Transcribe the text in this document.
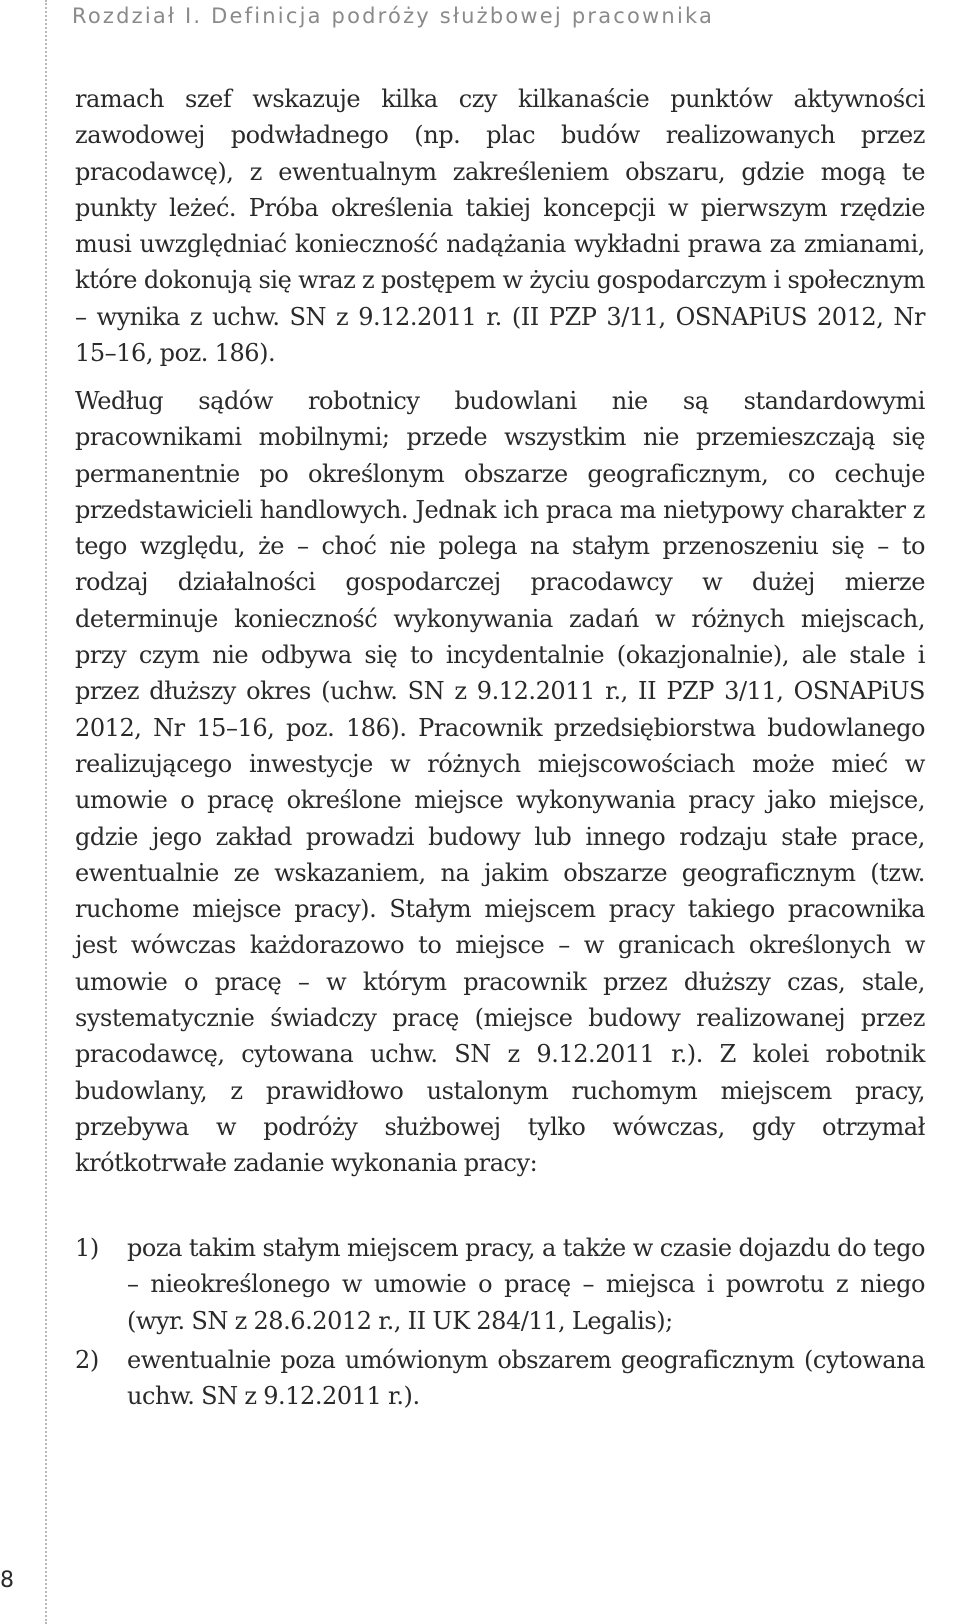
Rozdział I. Definicja podróży służbowej pracownika

ramach szef wskazuje kilka czy kilkanaście punktów aktywności zawodowej podwładnego (np. plac budów realizowanych przez pracodawcę), z ewentualnym zakreśleniem obszaru, gdzie mogą te punkty leżeć. Próba określenia takiej koncepcji w pierwszym rzędzie musi uwzględniać konieczność nadążania wykładni prawa za zmianami, które dokonują się wraz z postępem w życiu gospodarczym i społecznym – wynika z uchw. SN z 9.12.2011 r. (II PZP 3/11, OSNAPiUS 2012, Nr 15–16, poz. 186).

Według sądów robotnicy budowlani nie są standardowymi pracownikami mobilnymi; przede wszystkim nie przemieszczają się permanentnie po określonym obszarze geograficznym, co cechuje przedstawicieli handlowych. Jednak ich praca ma nietypowy charakter z tego względu, że – choć nie polega na stałym przenoszeniu się – to rodzaj działalności gospodarczej pracodawcy w dużej mierze determinuje konieczność wykonywania zadań w różnych miejscach, przy czym nie odbywa się to incydentalnie (okazjonalnie), ale stale i przez dłuższy okres (uchw. SN z 9.12.2011 r., II PZP 3/11, OSNAPiUS 2012, Nr 15–16, poz. 186). Pracownik przedsiębiorstwa budowlanego realizującego inwestycje w różnych miejscowościach może mieć w umowie o pracę określone miejsce wykonywania pracy jako miejsce, gdzie jego zakład prowadzi budowy lub innego rodzaju stałe prace, ewentualnie ze wskazaniem, na jakim obszarze geograficznym (tzw. ruchome miejsce pracy). Stałym miejscem pracy takiego pracownika jest wówczas każdorazowo to miejsce – w granicach określonych w umowie o pracę – w którym pracownik przez dłuższy czas, stale, systematycznie świadczy pracę (miejsce budowy realizowanej przez pracodawcę, cytowana uchw. SN z 9.12.2011 r.). Z kolei robotnik budowlany, z prawidłowo ustalonym ruchomym miejscem pracy, przebywa w podróży służbowej tylko wówczas, gdy otrzymał krótkotrwałe zadanie wykonania pracy:

1)	poza takim stałym miejscem pracy, a także w czasie dojazdu do tego – nieokreślonego w umowie o pracę – miejsca i powrotu z niego (wyr. SN z 28.6.2012 r., II UK 284/11, Legalis);
2)	ewentualnie poza umówionym obszarem geograficznym (cytowana uchw. SN z 9.12.2011 r.).

8
